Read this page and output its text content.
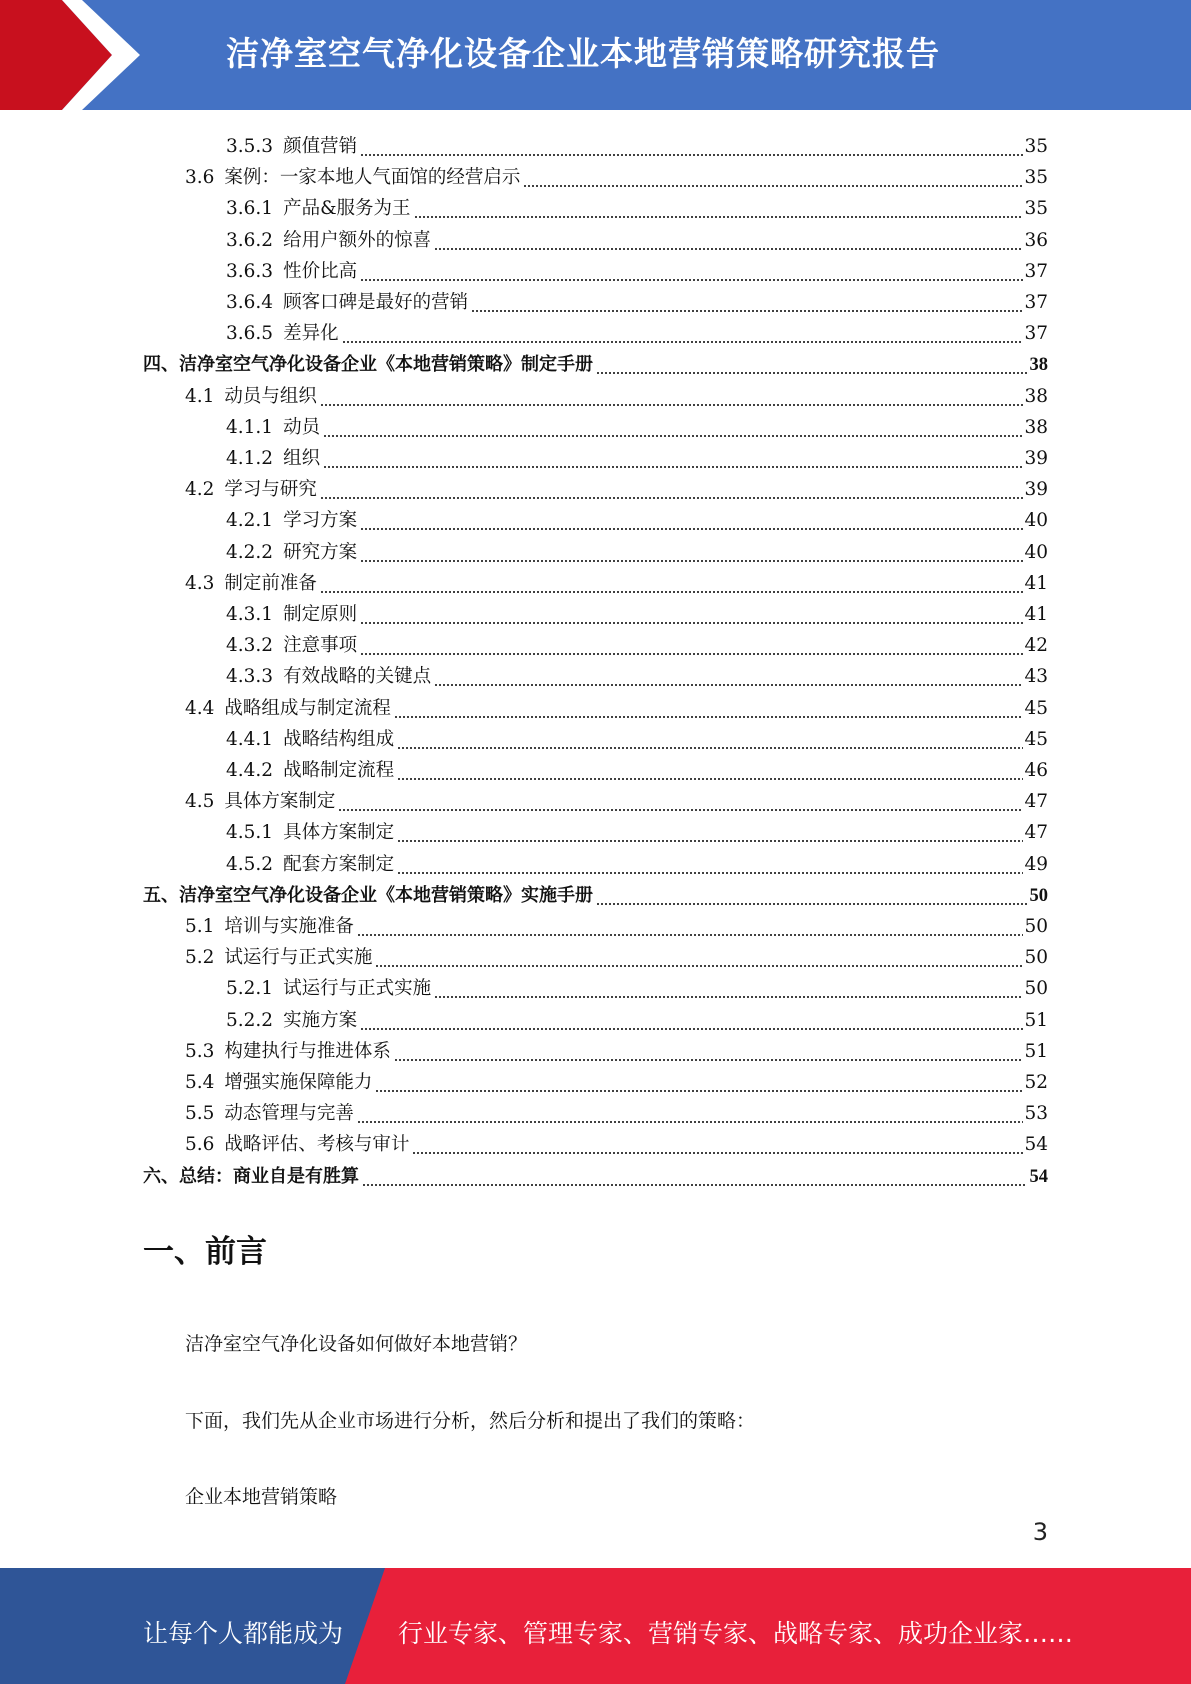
洁净室空气净化设备企业本地营销策略研究报告
3.5.3 颜值营销	35
3.6 案例：一家本地人气面馆的经营启示	35
3.6.1 产品&服务为王	35
3.6.2 给用户额外的惊喜	36
3.6.3 性价比高	37
3.6.4 顾客口碑是最好的营销	37
3.6.5 差异化	37
四、 洁净室空气净化设备企业《本地营销策略》制定手册	38
4.1 动员与组织	38
4.1.1 动员	38
4.1.2 组织	39
4.2 学习与研究	39
4.2.1 学习方案	40
4.2.2 研究方案	40
4.3 制定前准备	41
4.3.1 制定原则	41
4.3.2 注意事项	42
4.3.3 有效战略的关键点	43
4.4 战略组成与制定流程	45
4.4.1 战略结构组成	45
4.4.2 战略制定流程	46
4.5 具体方案制定	47
4.5.1 具体方案制定	47
4.5.2 配套方案制定	49
五、 洁净室空气净化设备企业《本地营销策略》实施手册	50
5.1 培训与实施准备	50
5.2 试运行与正式实施	50
5.2.1 试运行与正式实施	50
5.2.2 实施方案	51
5.3 构建执行与推进体系	51
5.4 增强实施保障能力	52
5.5 动态管理与完善	53
5.6 战略评估、考核与审计	54
六、 总结：商业自是有胜算	54
一、前言
洁净室空气净化设备如何做好本地营销？
下面，我们先从企业市场进行分析，然后分析和提出了我们的策略：
企业本地营销策略
3
让每个人都能成为 行业专家、管理专家、营销专家、战略专家、成功企业家……
